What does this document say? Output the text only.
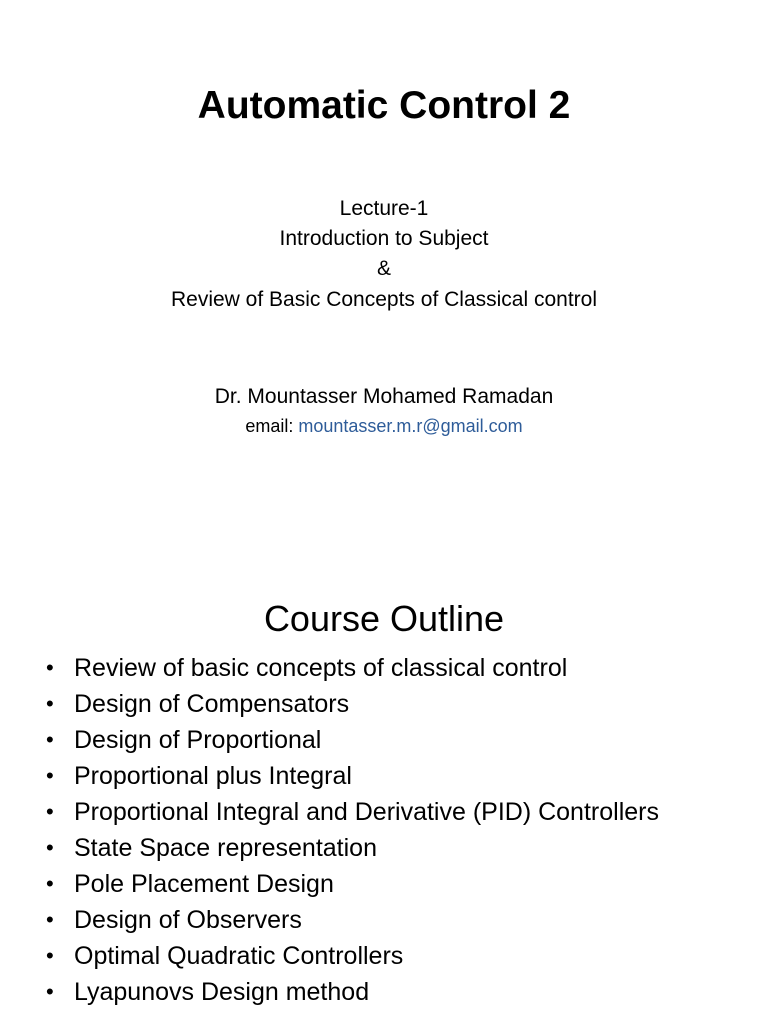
Automatic Control 2
Lecture-1
Introduction to Subject
&
Review of Basic Concepts of Classical control
Dr. Mountasser Mohamed Ramadan
email: mountasser.m.r@gmail.com
Course Outline
• Review of basic concepts of classical control
• Design of Compensators
• Design of Proportional
• Proportional plus Integral
• Proportional Integral and Derivative (PID) Controllers
• State Space representation
• Pole Placement Design
• Design of Observers
• Optimal Quadratic Controllers
• Lyapunovs Design method
